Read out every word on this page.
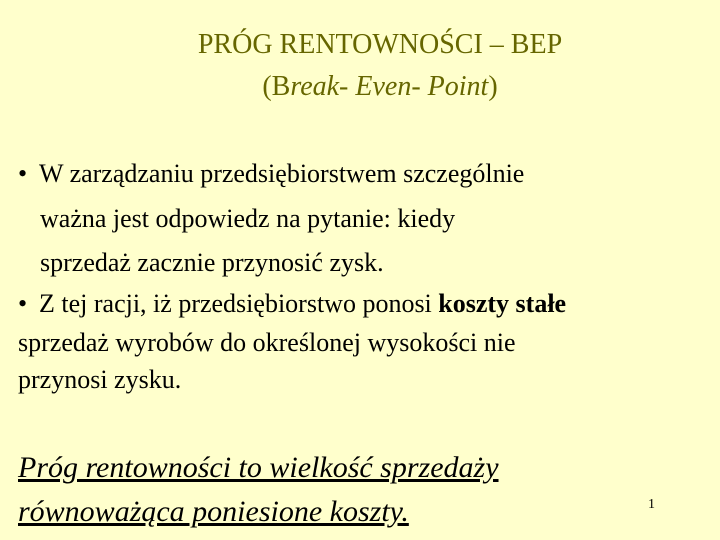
PRÓG RENTOWNOŚCI – BEP
(Break- Even- Point)
• W zarządzaniu przedsiębiorstwem szczególnie
ważna jest odpowiedz na pytanie: kiedy
sprzedaż zacznie przynosić zysk.
• Z tej racji, iż przedsiębiorstwo ponosi koszty stałe
sprzedaż wyrobów do określonej wysokości nie
przynosi zysku.
Próg rentowności to wielkość sprzedaży
równoważąca poniesione koszty.	1
